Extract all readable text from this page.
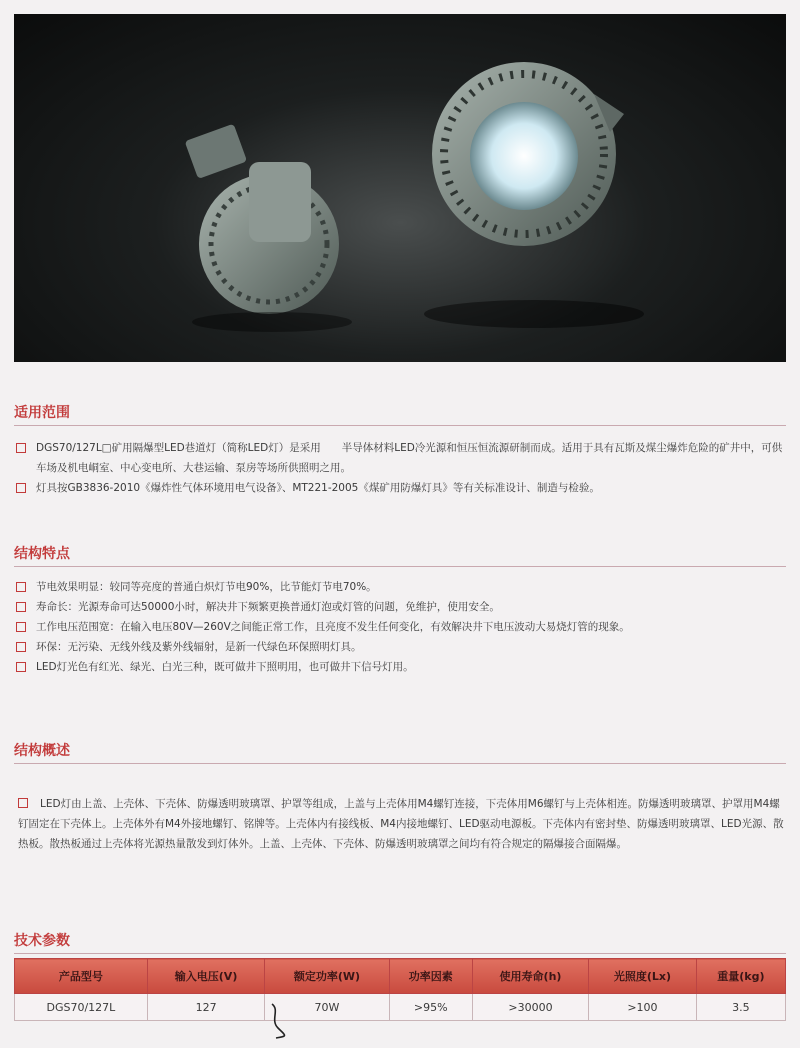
适用范围
DGS70/127L□矿用隔爆型LED巷道灯（简称LED灯）是采用　　半导体材料LED冷光源和恒压恒流源研制而成。适用于具有瓦斯及煤尘爆炸危险的矿井中，可供车场及机电峒室、中心变电所、大巷运输、泵房等场所供照明之用。
灯具按GB3836-2010《爆炸性气体环境用电气设备》、MT221-2005《煤矿用防爆灯具》等有关标准设计、制造与检验。
结构特点
节电效果明显：较同等亮度的普通白炽灯节电90%，比节能灯节电70%。
寿命长：光源寿命可达50000小时，解决井下频繁更换普通灯泡或灯管的问题，免维护，使用安全。
工作电压范围宽：在输入电压80V—260V之间能正常工作，且亮度不发生任何变化，有效解决井下电压波动大易烧灯管的现象。
环保：无污染、无线外线及紫外线辐射，是新一代绿色环保照明灯具。
LED灯光色有红光、绿光、白光三种，既可做井下照明用，也可做井下信号灯用。
结构概述
LED灯由上盖、上壳体、下壳体、防爆透明玻璃罩、护罩等组成，上盖与上壳体用M4螺钉连接，下壳体用M6螺钉与上壳体相连。防爆透明玻璃罩、护罩用M4螺钉固定在下壳体上。上壳体外有M4外接地螺钉、铭牌等。上壳体内有接线板、M4内接地螺钉、LED驱动电源板。下壳体内有密封垫、防爆透明玻璃罩、LED光源、散热板。散热板通过上壳体将光源热量散发到灯体外。上盖、上壳体、下壳体、防爆透明玻璃罩之间均有符合规定的隔爆接合面隔爆。
技术参数
产品型号	输入电压(V)	额定功率(W)	功率因素	使用寿命(h)	光照度(Lx)	重量(kg)
DGS70/127L	127	70W	>95%	>30000	>100	3.5
